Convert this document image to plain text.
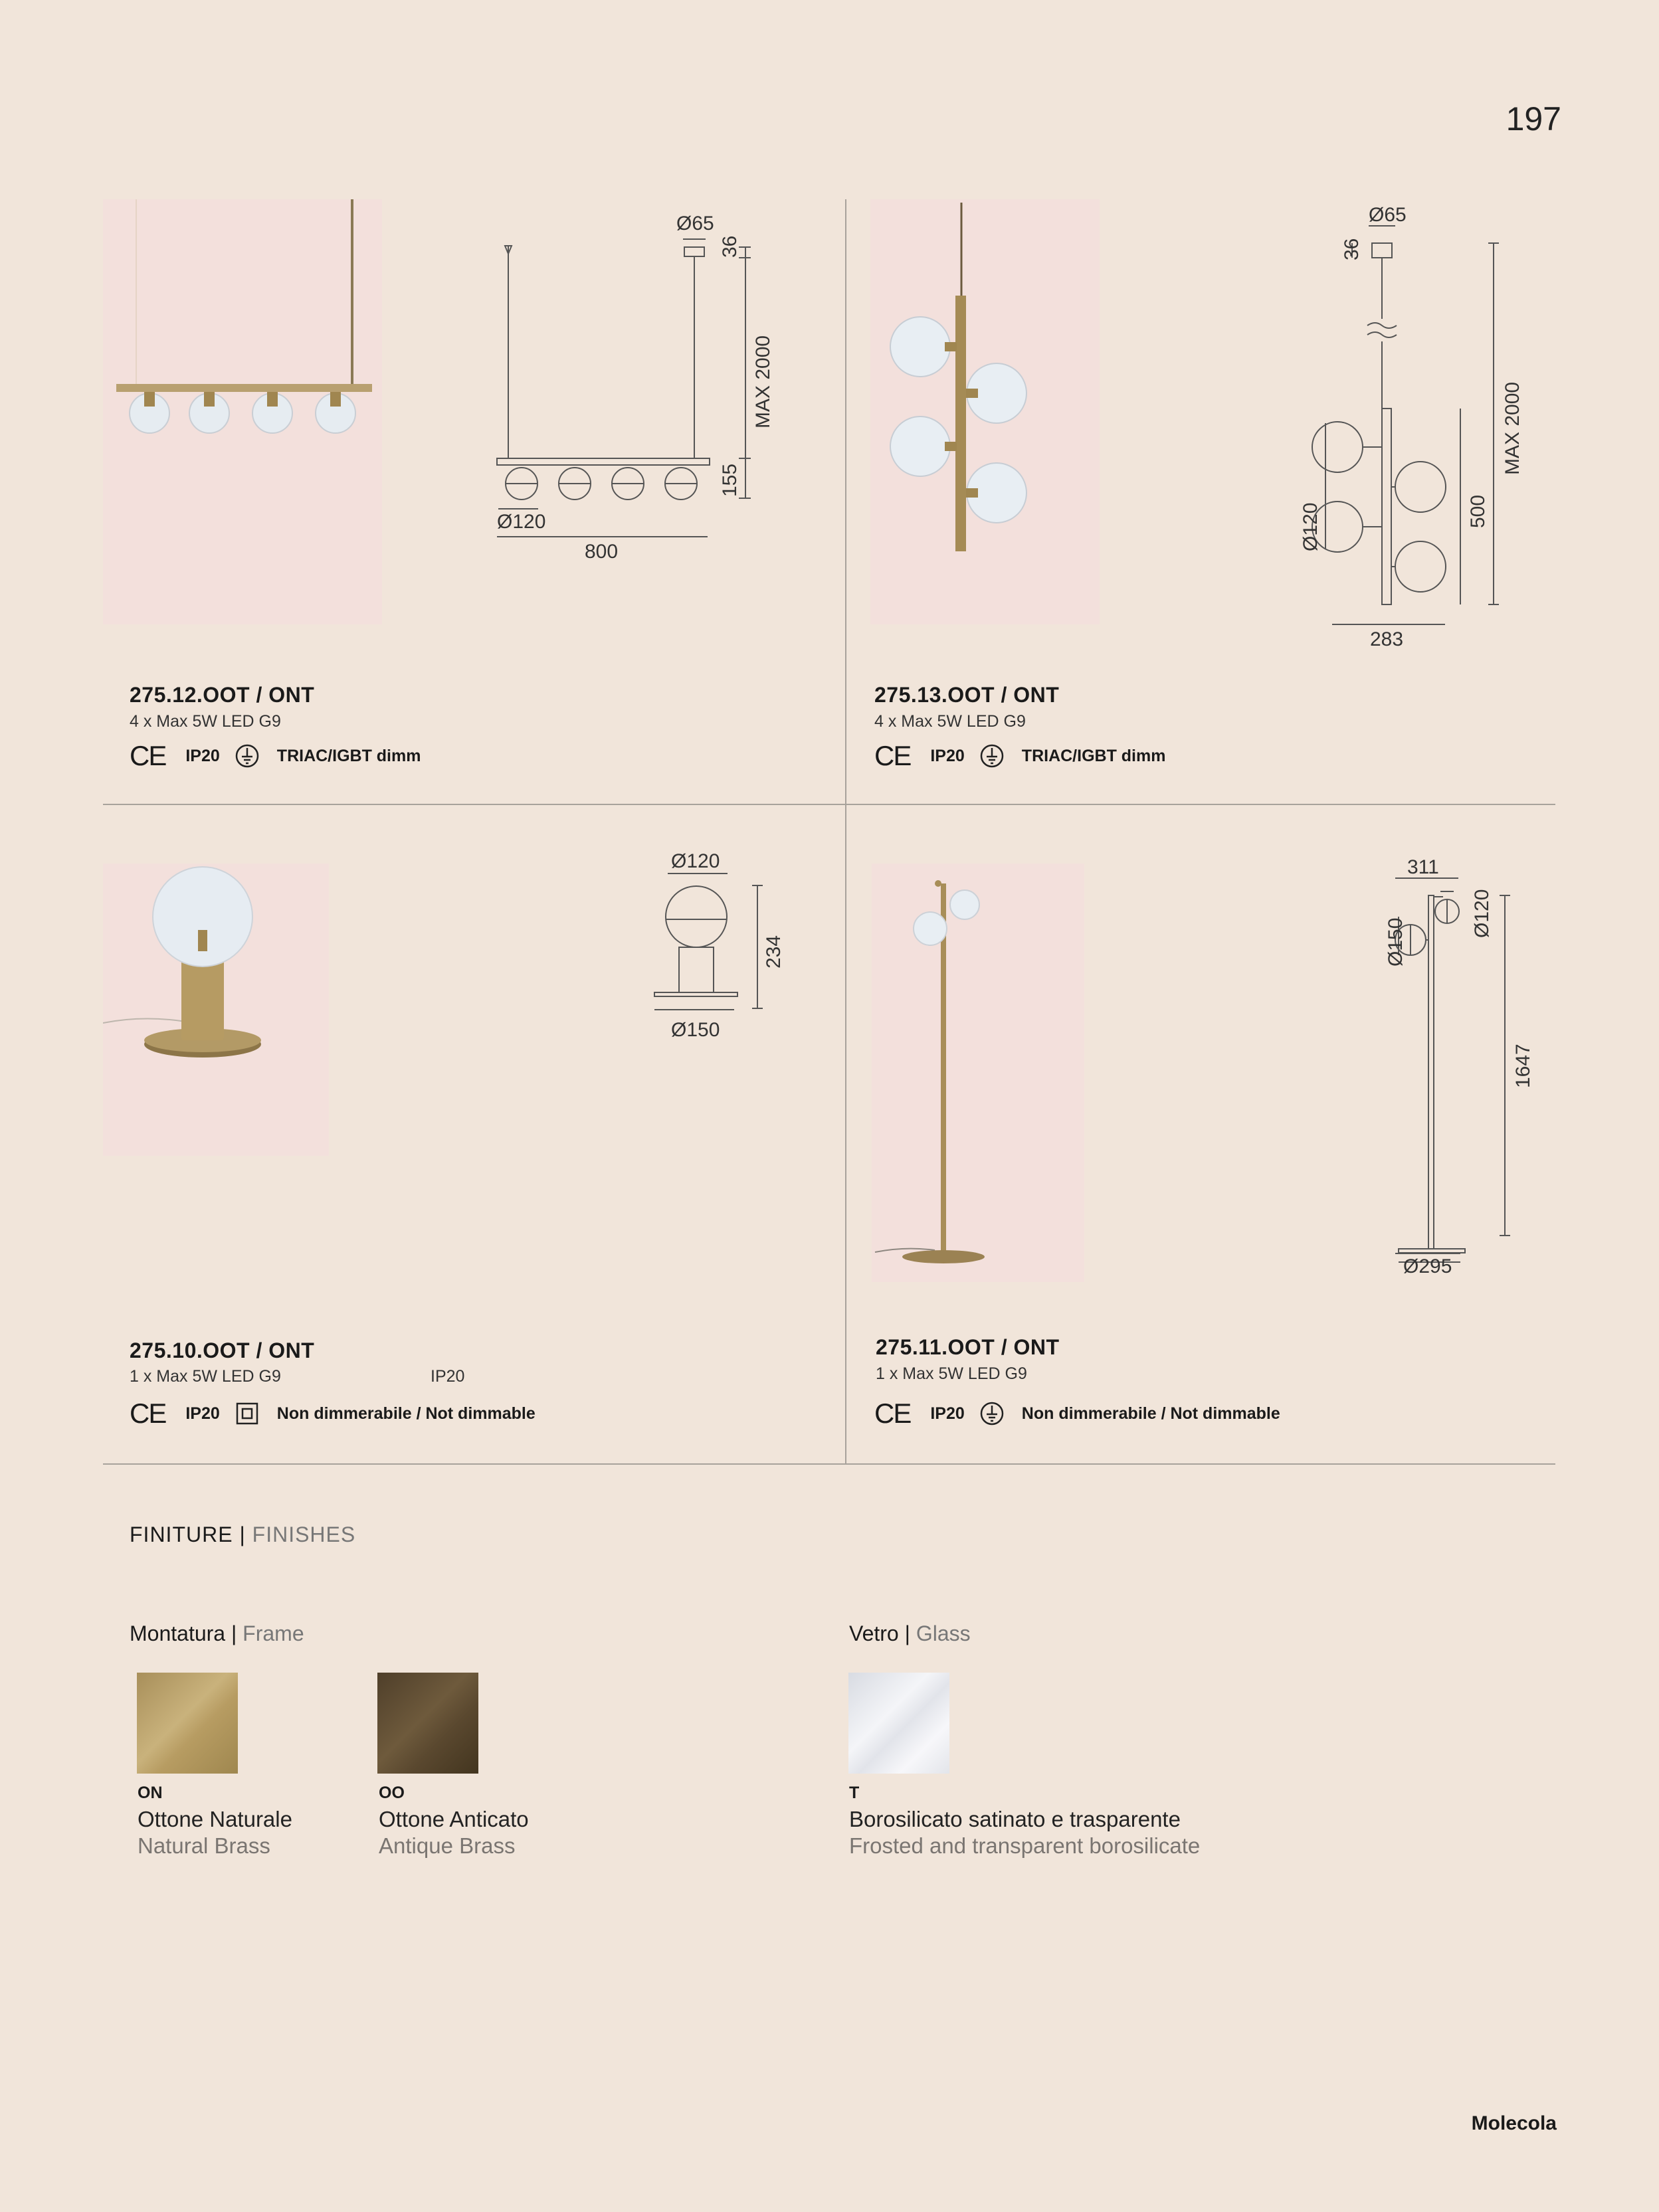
197
Ø65
36
MAX 2000
155
Ø120
800
275.12.OOT / ONT
4 x Max 5W LED G9
CE IP20	TRIAC/IGBT dimm
Ø65
36
MAX 2000
500
Ø120
283
275.13.OOT / ONT
4 x Max 5W LED G9
CE IP20	TRIAC/IGBT dimm
Ø120
234
Ø150
275.10.OOT / ONT
1 x Max 5W LED G9	IP20
CE IP20	Non dimmerabile / Not dimmable
311
Ø150
Ø120
1647
Ø295
275.11.OOT / ONT
1 x Max 5W LED G9
CE IP20	Non dimmerabile / Not dimmable
FINITURE | FINISHES
Montatura | Frame
ON
Ottone Naturale
Natural Brass
OO
Ottone Anticato
Antique Brass
Vetro | Glass
T
Borosilicato satinato e trasparente
Frosted and transparent borosilicate
Molecola
